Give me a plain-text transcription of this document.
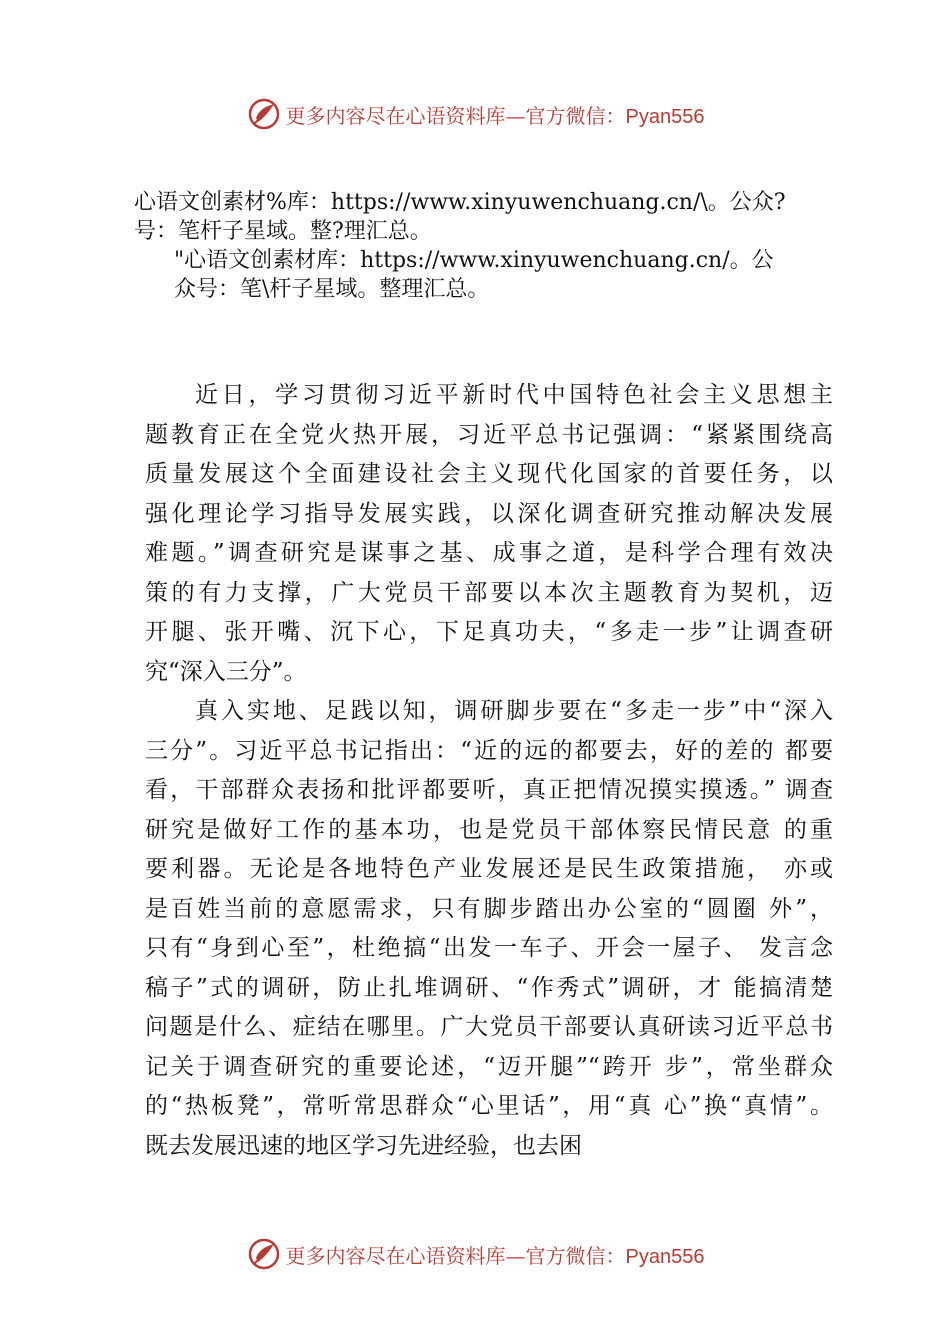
更多内容尽在心语资料库—官方微信：Pyan556

心语文创素材%库：https://www.xinyuwenchuang.cn/\。公众?

号：笔杆子星域。整?理汇总。

"心语文创素材库：https://www.xinyuwenchuang.cn/。公

众号：笔\杆子星域。整理汇总。

近日，学习贯彻习近平新时代中国特色社会主义思想主
题教育正在全党火热开展，习近平总书记强调：“紧紧围绕高
质量发展这个全面建设社会主义现代化国家的首要任务，以
强化理论学习指导发展实践，以深化调查研究推动解决发展
难题。”调查研究是谋事之基、成事之道，是科学合理有效决
策的有力支撑，广大党员干部要以本次主题教育为契机，迈
开腿、张开嘴、沉下心，下足真功夫，“多走一步”让调查研
究“深入三分”。

真入实地、足践以知，调研脚步要在“多走一步”中“深入
三分”。习近平总书记指出：“近的远的都要去，好的差的 都要
看，干部群众表扬和批评都要听，真正把情况摸实摸透。” 调查
研究是做好工作的基本功，也是党员干部体察民情民意 的重
要利器。无论是各地特色产业发展还是民生政策措施， 亦或
是百姓当前的意愿需求，只有脚步踏出办公室的“圆圈 外”，
只有“身到心至”，杜绝搞“出发一车子、开会一屋子、 发言念
稿子”式的调研，防止扎堆调研、“作秀式”调研，才 能搞清楚
问题是什么、症结在哪里。广大党员干部要认真研读习近平总书
记关于调查研究的重要论述，“迈开腿”“跨开 步”，常坐群众
的“热板凳”，常听常思群众“心里话”，用“真 心”换“真情”。
既去发展迅速的地区学习先进经验，也去困

更多内容尽在心语资料库—官方微信：Pyan556
